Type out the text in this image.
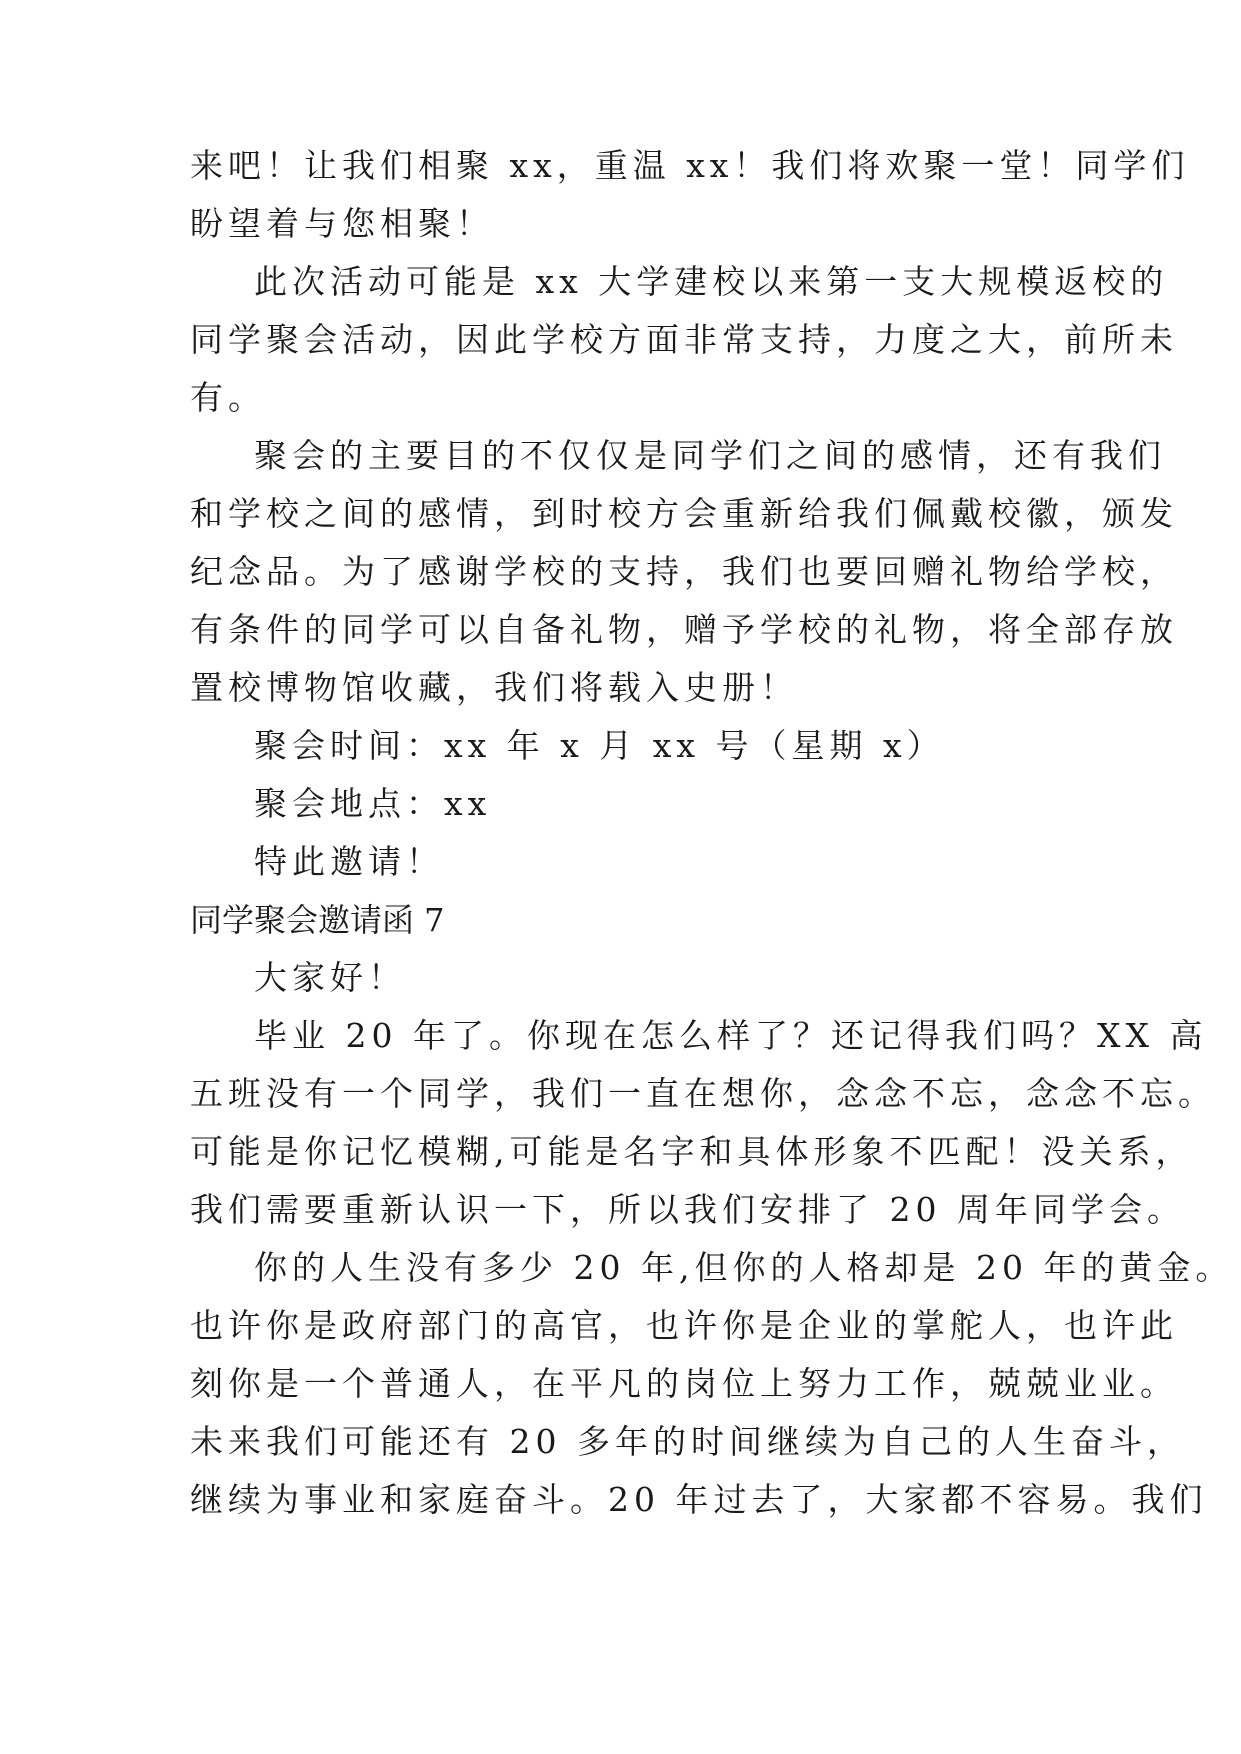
来吧！让我们相聚 xx，重温 xx！我们将欢聚一堂！同学们
盼望着与您相聚！
此次活动可能是 xx 大学建校以来第一支大规模返校的
同学聚会活动，因此学校方面非常支持，力度之大，前所未
有。
聚会的主要目的不仅仅是同学们之间的感情，还有我们
和学校之间的感情，到时校方会重新给我们佩戴校徽，颁发
纪念品。为了感谢学校的支持，我们也要回赠礼物给学校，
有条件的同学可以自备礼物，赠予学校的礼物，将全部存放
置校博物馆收藏，我们将载入史册！
聚会时间：xx 年 x 月 xx 号（星期 x）
聚会地点：xx
特此邀请！
同学聚会邀请函 7
大家好！
毕业 20 年了。你现在怎么样了？还记得我们吗？XX 高
五班没有一个同学，我们一直在想你，念念不忘，念念不忘。
可能是你记忆模糊,可能是名字和具体形象不匹配！没关系，
我们需要重新认识一下，所以我们安排了 20 周年同学会。
你的人生没有多少 20 年,但你的人格却是 20 年的黄金。
也许你是政府部门的高官，也许你是企业的掌舵人，也许此
刻你是一个普通人，在平凡的岗位上努力工作，兢兢业业。
未来我们可能还有 20 多年的时间继续为自己的人生奋斗，
继续为事业和家庭奋斗。20 年过去了，大家都不容易。我们
